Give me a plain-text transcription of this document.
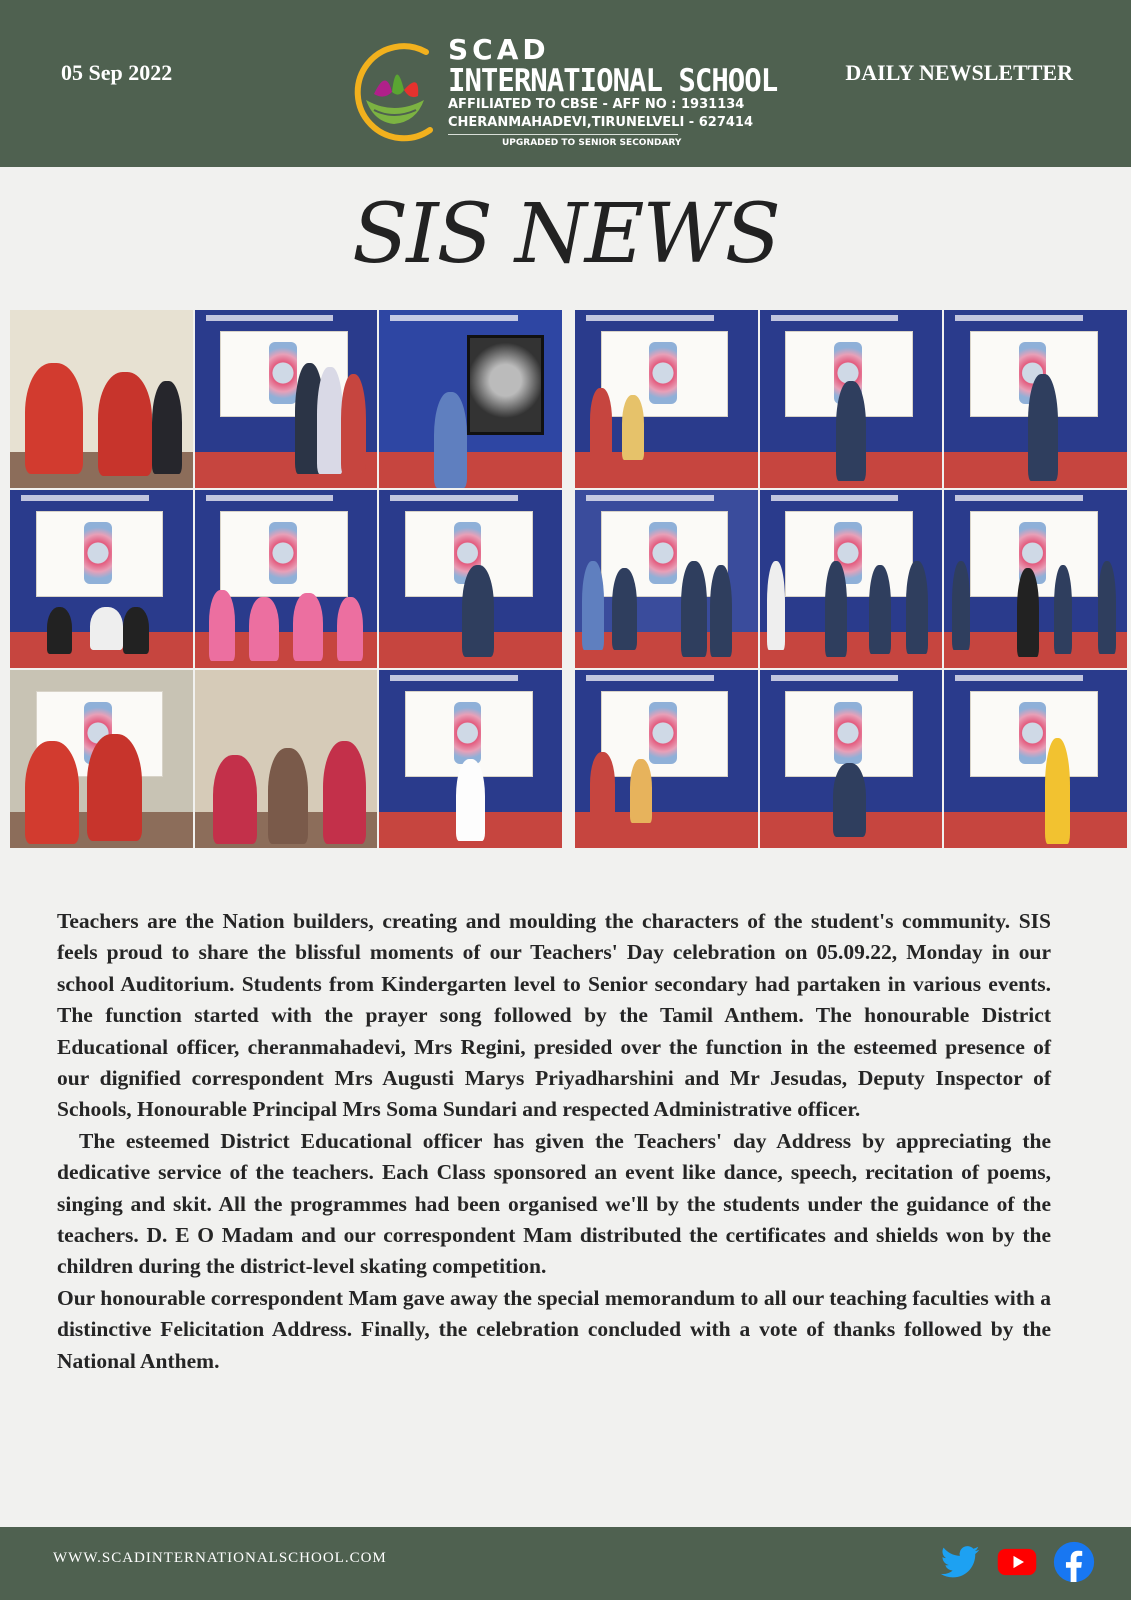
05 Sep 2022
SCAD
INTERNATIONAL SCHOOL
AFFILIATED TO CBSE - AFF NO : 1931134
CHERANMAHADEVI,TIRUNELVELI - 627414
UPGRADED TO SENIOR SECONDARY
DAILY NEWSLETTER
SIS NEWS

Teachers are the Nation builders, creating and moulding the characters of the student's community. SIS feels proud to share the blissful moments of our Teachers' Day celebration on 05.09.22, Monday in our school Auditorium. Students from Kindergarten level to Senior secondary had partaken in various events. The function started with the prayer song followed by the Tamil Anthem. The honourable District Educational officer, cheranmahadevi, Mrs Regini, presided over the function in the esteemed presence of our dignified correspondent Mrs Augusti Marys Priyadharshini and Mr Jesudas, Deputy Inspector of Schools, Honourable Principal Mrs Soma Sundari and respected Administrative officer.

The esteemed District Educational officer has given the Teachers' day Address by appreciating the dedicative service of the teachers. Each Class sponsored an event like dance, speech, recitation of poems, singing and skit. All the programmes had been organised we'll by the students under the guidance of the teachers. D. E O Madam and our correspondent Mam distributed the certificates and shields won by the children during the district-level skating competition.

Our honourable correspondent Mam gave away the special memorandum to all our teaching faculties with a distinctive Felicitation Address. Finally, the celebration concluded with a vote of thanks followed by the National Anthem.

WWW.SCADINTERNATIONALSCHOOL.COM
